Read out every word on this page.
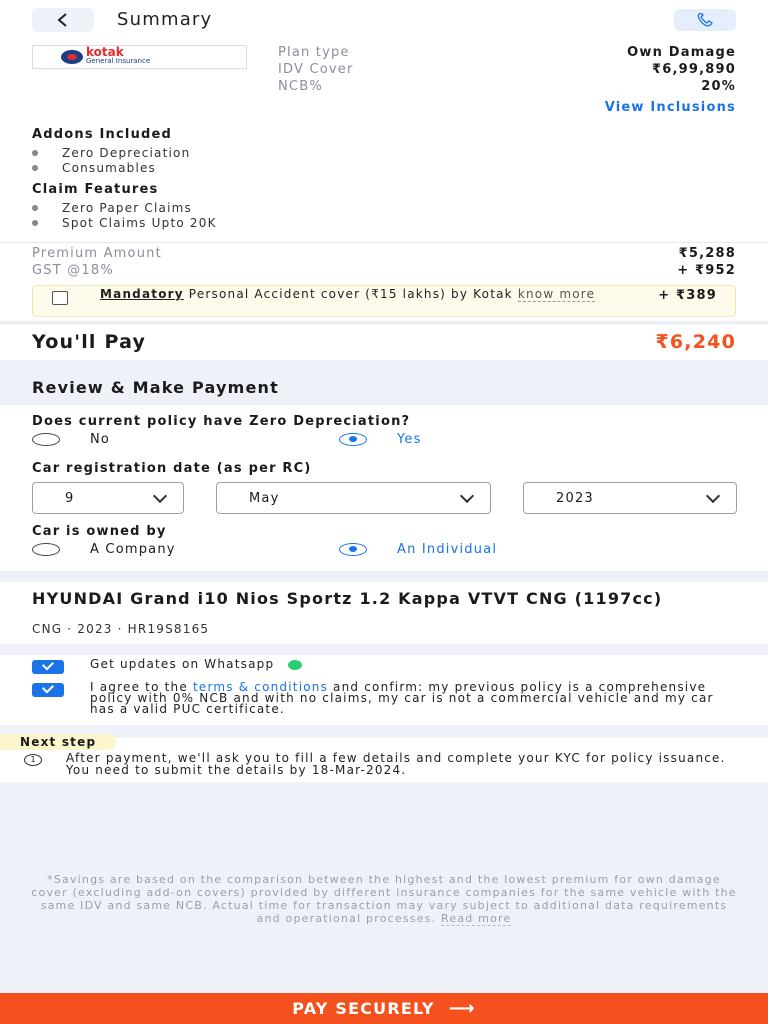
Summary
kotak
General Insurance
Plan type	Own Damage
IDV Cover	₹6,99,890
NCB%	20%
View Inclusions
Addons Included
Zero Depreciation
Consumables
Claim Features
Zero Paper Claims
Spot Claims Upto 20K
Premium Amount	₹5,288
GST @18%	+ ₹952
Mandatory Personal Accident cover (₹15 lakhs) by Kotak know more	+ ₹389
You'll Pay	₹6,240
Review & Make Payment
Does current policy have Zero Depreciation?
No	Yes
Car registration date (as per RC)
9	May	2023
Car is owned by
A Company	An Individual
HYUNDAI Grand i10 Nios Sportz 1.2 Kappa VTVT CNG (1197cc)
CNG · 2023 · HR19S8165
Get updates on Whatsapp
I agree to the terms & conditions and confirm: my previous policy is a comprehensive policy with 0% NCB and with no claims, my car is not a commercial vehicle and my car has a valid PUC certificate.
Next step
1	After payment, we'll ask you to fill a few details and complete your KYC for policy issuance. You need to submit the details by 18-Mar-2024.
*Savings are based on the comparison between the highest and the lowest premium for own damage cover (excluding add-on covers) provided by different insurance companies for the same vehicle with the same IDV and same NCB. Actual time for transaction may vary subject to additional data requirements and operational processes. Read more
PAY SECURELY ⟶
